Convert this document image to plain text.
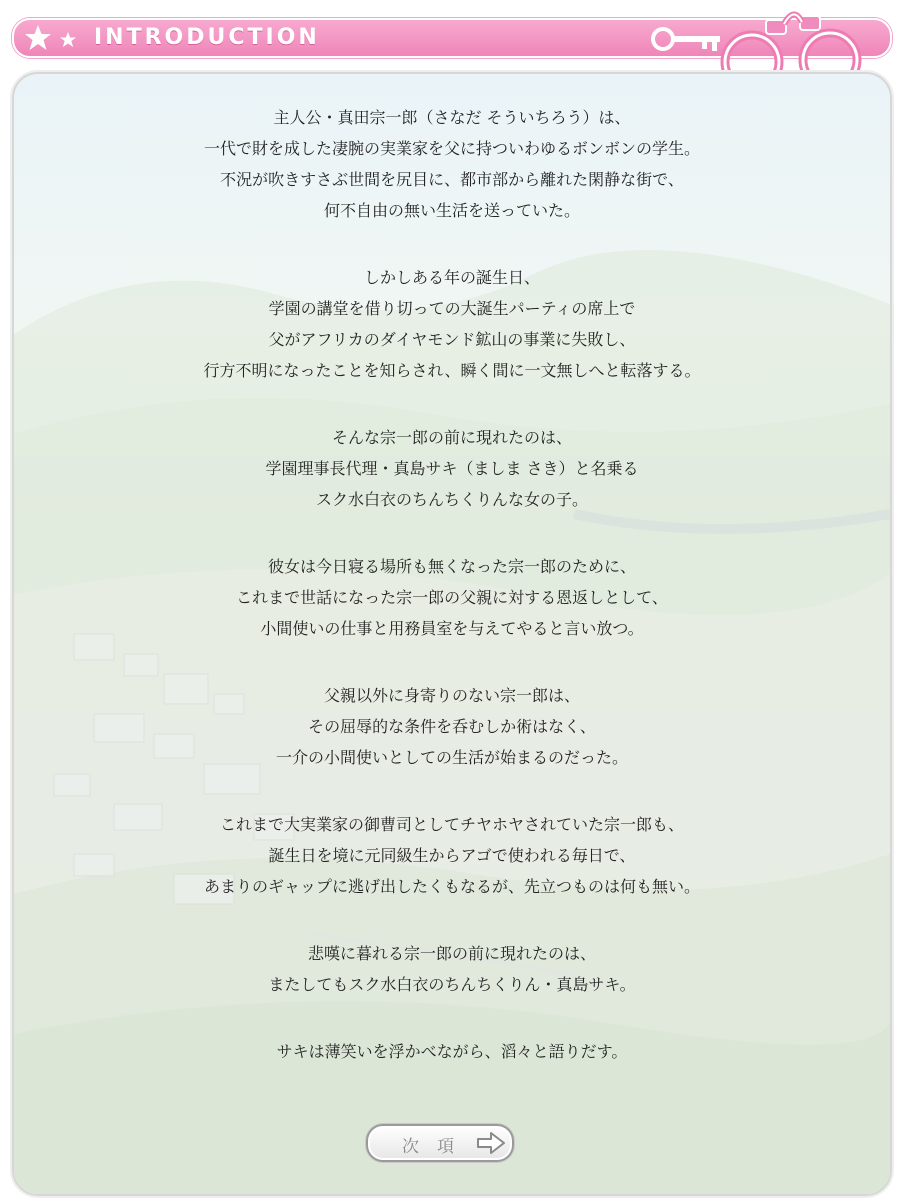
INTRODUCTION
主人公・真田宗一郎（さなだ そういちろう）は、
一代で財を成した凄腕の実業家を父に持ついわゆるボンボンの学生。
不況が吹きすさぶ世間を尻目に、都市部から離れた閑静な街で、
何不自由の無い生活を送っていた。
しかしある年の誕生日、
学園の講堂を借り切っての大誕生パーティの席上で
父がアフリカのダイヤモンド鉱山の事業に失敗し、
行方不明になったことを知らされ、瞬く間に一文無しへと転落する。
そんな宗一郎の前に現れたのは、
学園理事長代理・真島サキ（ましま さき）と名乗る
スク水白衣のちんちくりんな女の子。
彼女は今日寝る場所も無くなった宗一郎のために、
これまで世話になった宗一郎の父親に対する恩返しとして、
小間使いの仕事と用務員室を与えてやると言い放つ。
父親以外に身寄りのない宗一郎は、
その屈辱的な条件を呑むしか術はなく、
一介の小間使いとしての生活が始まるのだった。
これまで大実業家の御曹司としてチヤホヤされていた宗一郎も、
誕生日を境に元同級生からアゴで使われる毎日で、
あまりのギャップに逃げ出したくもなるが、先立つものは何も無い。
悲嘆に暮れる宗一郎の前に現れたのは、
またしてもスク水白衣のちんちくりん・真島サキ。
サキは薄笑いを浮かべながら、滔々と語りだす。
次項
